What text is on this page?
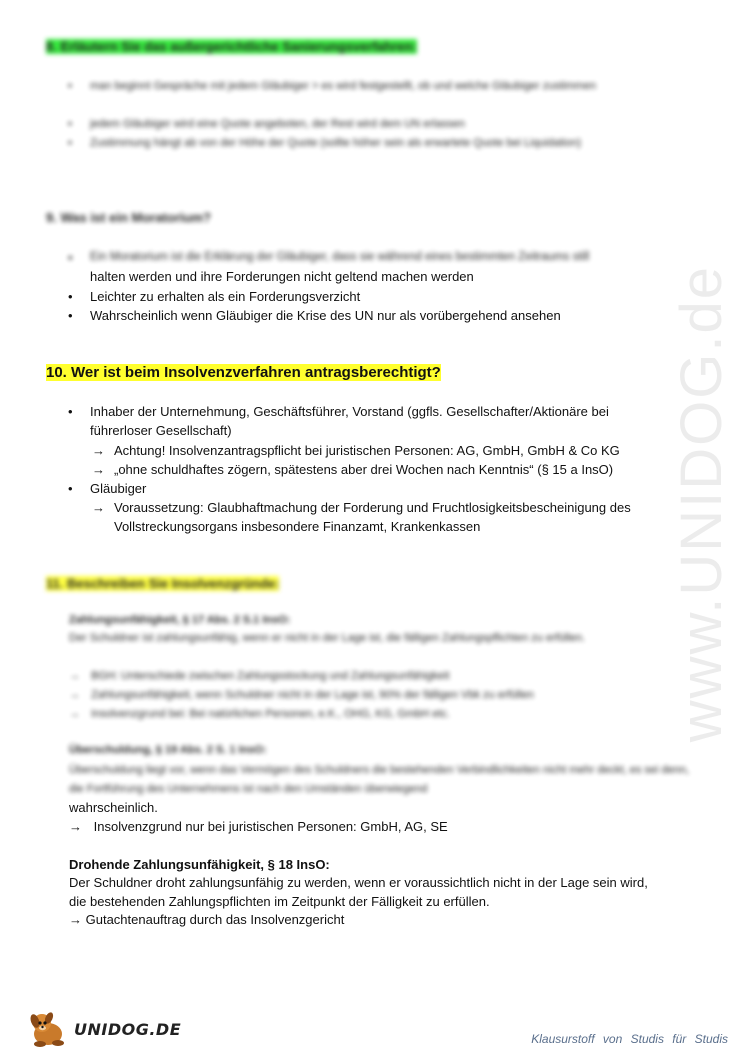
www.UNIDOG.de
8. Erläutern Sie das außergerichtliche Sanierungsverfahren:
▪	man beginnt Gespräche mit jedem Gläubiger > es wird festgestellt, ob und welche Gläubiger zustimmen
▪	jedem Gläubiger wird eine Quote angeboten, der Rest wird dem UN erlassen
▪	Zustimmung hängt ab von der Höhe der Quote (sollte höher sein als erwartete Quote bei Liquidation)
9. Was ist ein Moratorium?
•	Ein Moratorium ist die Erklärung der Gläubiger, dass sie während eines bestimmten Zeitraums still
halten werden und ihre Forderungen nicht geltend machen werden
•	Leichter zu erhalten als ein Forderungsverzicht
•	Wahrscheinlich wenn Gläubiger die Krise des UN nur als vorübergehend ansehen
10. Wer ist beim Insolvenzverfahren antragsberechtigt?
•	Inhaber der Unternehmung, Geschäftsführer, Vorstand (ggfls. Gesellschafter/Aktionäre bei führerloser Gesellschaft)
→ Achtung! Insolvenzantragspflicht bei juristischen Personen: AG, GmbH, GmbH & Co KG
→ „ohne schuldhaftes zögern, spätestens aber drei Wochen nach Kenntnis“ (§ 15 a InsO)
•	Gläubiger
→ Voraussetzung: Glaubhaftmachung der Forderung und Fruchtlosigkeitsbescheinigung des Vollstreckungsorgans insbesondere Finanzamt, Krankenkassen
11. Beschreiben Sie Insolvenzgründe:
Zahlungsunfähigkeit, § 17 Abs. 2 S.1 InsO:
Der Schuldner ist zahlungsunfähig, wenn er nicht in der Lage ist, die fälligen Zahlungspflichten zu erfüllen.
→ BGH: Unterschiede zwischen Zahlungsstockung und Zahlungsunfähigkeit
→ Zahlungsunfähigkeit, wenn Schuldner nicht in der Lage ist, 90% der fälligen Vbk zu erfüllen
→ Insolvenzgrund bei: Bei natürlichen Personen, e.K., OHG, KG, GmbH etc.
Überschuldung, § 19 Abs. 2 S. 1 InsO:
Überschuldung liegt vor, wenn das Vermögen des Schuldners die bestehenden Verbindlichkeiten nicht mehr deckt, es sei denn, die Fortführung des Unternehmens ist nach den Umständen überwiegend
wahrscheinlich.
→ Insolvenzgrund nur bei juristischen Personen: GmbH, AG, SE
Drohende Zahlungsunfähigkeit, § 18 InsO:
Der Schuldner droht zahlungsunfähig zu werden, wenn er voraussichtlich nicht in der Lage sein wird,
die bestehenden Zahlungspflichten im Zeitpunkt der Fälligkeit zu erfüllen.
→ Gutachtenauftrag durch das Insolvenzgericht
UNIDOG.DE	Klausurstoff von Studis für Studis
